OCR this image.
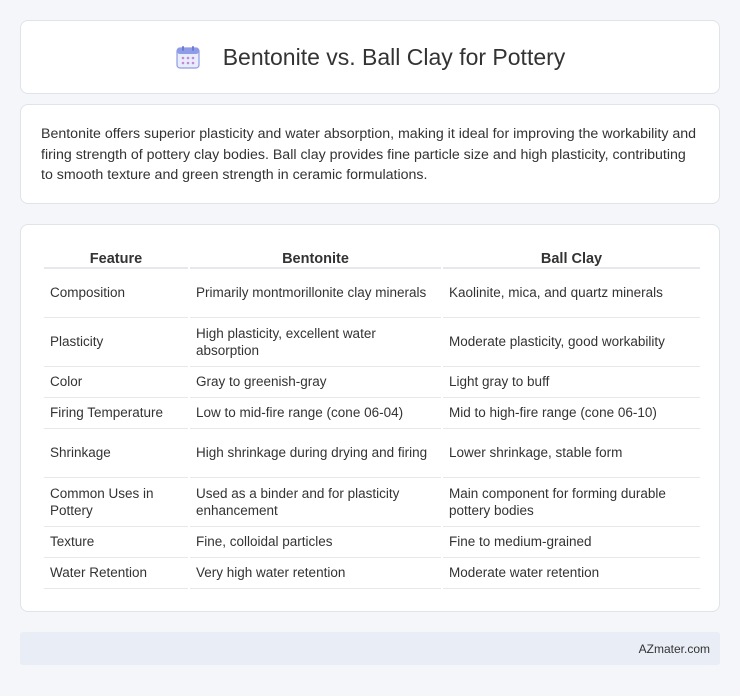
Bentonite vs. Ball Clay for Pottery

Bentonite offers superior plasticity and water absorption, making it ideal for improving the workability and firing strength of pottery clay bodies. Ball clay provides fine particle size and high plasticity, contributing to smooth texture and green strength in ceramic formulations.

Feature	Bentonite	Ball Clay
Composition	Primarily montmorillonite clay minerals	Kaolinite, mica, and quartz minerals
Plasticity	High plasticity, excellent water absorption	Moderate plasticity, good workability
Color	Gray to greenish-gray	Light gray to buff
Firing Temperature	Low to mid-fire range (cone 06-04)	Mid to high-fire range (cone 06-10)
Shrinkage	High shrinkage during drying and firing	Lower shrinkage, stable form
Common Uses in Pottery	Used as a binder and for plasticity enhancement	Main component for forming durable pottery bodies
Texture	Fine, colloidal particles	Fine to medium-grained
Water Retention	Very high water retention	Moderate water retention
AZmater.com
